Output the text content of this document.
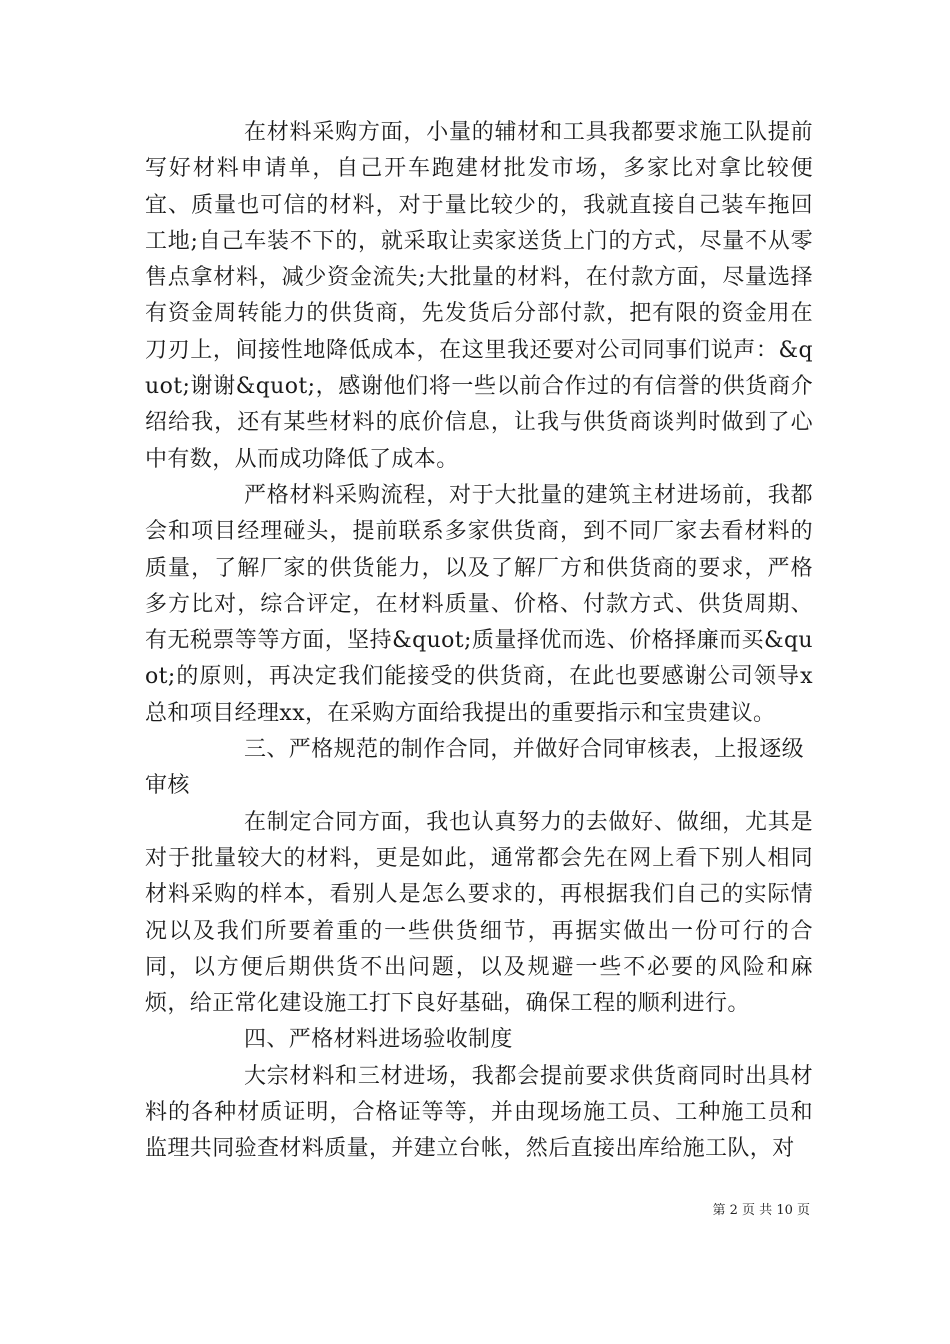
在材料采购方面，小量的辅材和工具我都要求施工队提前写好材料申请单，自己开车跑建材批发市场，多家比对拿比较便宜、质量也可信的材料，对于量比较少的，我就直接自己装车拖回工地;自己车装不下的，就采取让卖家送货上门的方式，尽量不从零售点拿材料，减少资金流失;大批量的材料，在付款方面，尽量选择有资金周转能力的供货商，先发货后分部付款，把有限的资金用在刀刃上，间接性地降低成本，在这里我还要对公司同事们说声：&quot;谢谢&quot;，感谢他们将一些以前合作过的有信誉的供货商介绍给我，还有某些材料的底价信息，让我与供货商谈判时做到了心中有数，从而成功降低了成本。

严格材料采购流程，对于大批量的建筑主材进场前，我都会和项目经理碰头，提前联系多家供货商，到不同厂家去看材料的质量，了解厂家的供货能力，以及了解厂方和供货商的要求，严格多方比对，综合评定，在材料质量、价格、付款方式、供货周期、有无税票等等方面，坚持&quot;质量择优而选、价格择廉而买&quot;的原则，再决定我们能接受的供货商，在此也要感谢公司领导x总和项目经理xx，在采购方面给我提出的重要指示和宝贵建议。

三、严格规范的制作合同，并做好合同审核表，上报逐级审核

在制定合同方面，我也认真努力的去做好、做细，尤其是对于批量较大的材料，更是如此，通常都会先在网上看下别人相同材料采购的样本，看别人是怎么要求的，再根据我们自己的实际情况以及我们所要着重的一些供货细节，再据实做出一份可行的合同，以方便后期供货不出问题，以及规避一些不必要的风险和麻烦，给正常化建设施工打下良好基础，确保工程的顺利进行。

四、严格材料进场验收制度

大宗材料和三材进场，我都会提前要求供货商同时出具材料的各种材质证明，合格证等等，并由现场施工员、工种施工员和监理共同验查材料质量，并建立台帐，然后直接出库给施工队，对

第 2 页 共 10 页
